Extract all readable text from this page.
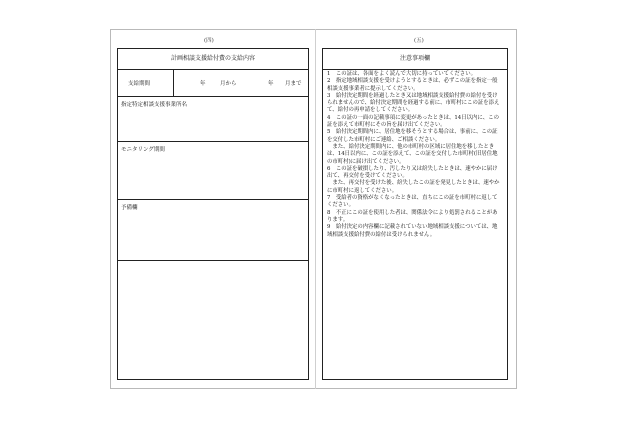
(四)
計画相談支援給付費の支給内容
支給期間	年	月から	年 月まで
指定特定相談支援事業所名
モニタリング期間
予備欄
(五)
注意事項欄
1　この証は、各面をよく読んで大切に持っていてください。
2　指定地域相談支援を受けようとするときは、必ずこの証を指定一般相談支援事業者に提示してください。
3　給付決定期間を経過したとき又は地域相談支援給付費の給付を受けられませんので、給付決定期間を経過する前に、市町村にこの証を添えて、給付の再申請をしてください。
4　この証の一面の記載事項に変更があったときは、14日以内に、この証を添えて市町村にその旨を届け出てください。
5　給付決定期間内に、居住地を移そうとする場合は、事前に、この証を交付した市町村にご連絡、ご相談ください。
　また、給付決定期間内に、他の市町村の区域に居住地を移したときは、14日以内に、この証を添えて、この証を交付した市町村(旧居住地の市町村)に届け出てください。
6　この証を破損したり、汚したり又は紛失したときは、速やかに届け出て、再交付を受けてください。
　また、再交付を受けた後、紛失したこの証を発見したときは、速やかに市町村に返してください。
7　受給者の資格がなくなったときは、直ちにこの証を市町村に返してください。
8　不正にこの証を使用した者は、関係法令により処罰されることがあります。
9　給付決定の内容欄に記載されていない地域相談支援については、地域相談支援給付費の給付は受けられません。
